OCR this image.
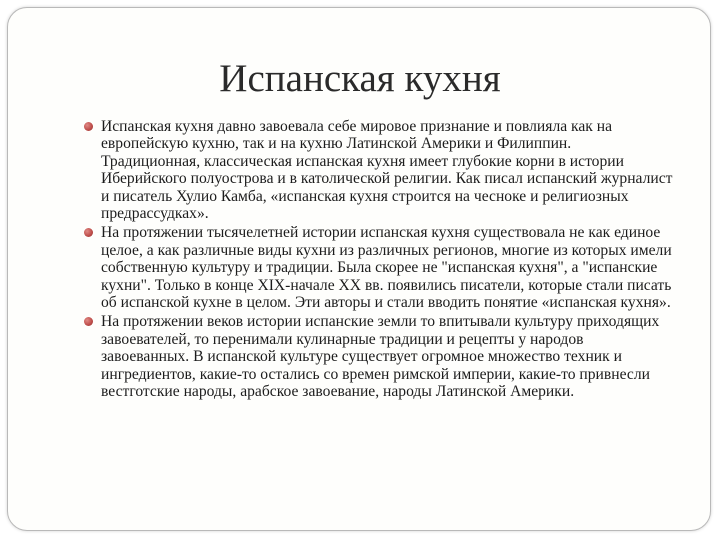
Испанская кухня
Испанская кухня давно завоевала себе мировое признание и повлияла как на европейскую кухню, так и на кухню Латинской Америки и Филиппин. Традиционная, классическая испанская кухня имеет глубокие корни в истории Иберийского полуострова и в католической религии. Как писал испанский журналист и писатель Хулио Камба, «испанская кухня строится на чесноке и религиозных предрассудках».
На протяжении тысячелетней истории испанская кухня существовала не как единое целое, а как различные виды кухни из различных регионов, многие из которых имели собственную культуру и традиции. Была скорее не "испанская кухня", а "испанские кухни". Только в конце XIX-начале XX вв. появились писатели, которые стали писать об испанской кухне в целом. Эти авторы и стали вводить понятие «испанская кухня».
На протяжении веков истории испанские земли то впитывали культуру приходящих завоевателей, то перенимали кулинарные традиции и рецепты у народов завоеванных. В испанской культуре существует огромное множество техник и ингредиентов, какие-то остались со времен римской империи, какие-то привнесли вестготские народы, арабское завоевание, народы Латинской Америки.
